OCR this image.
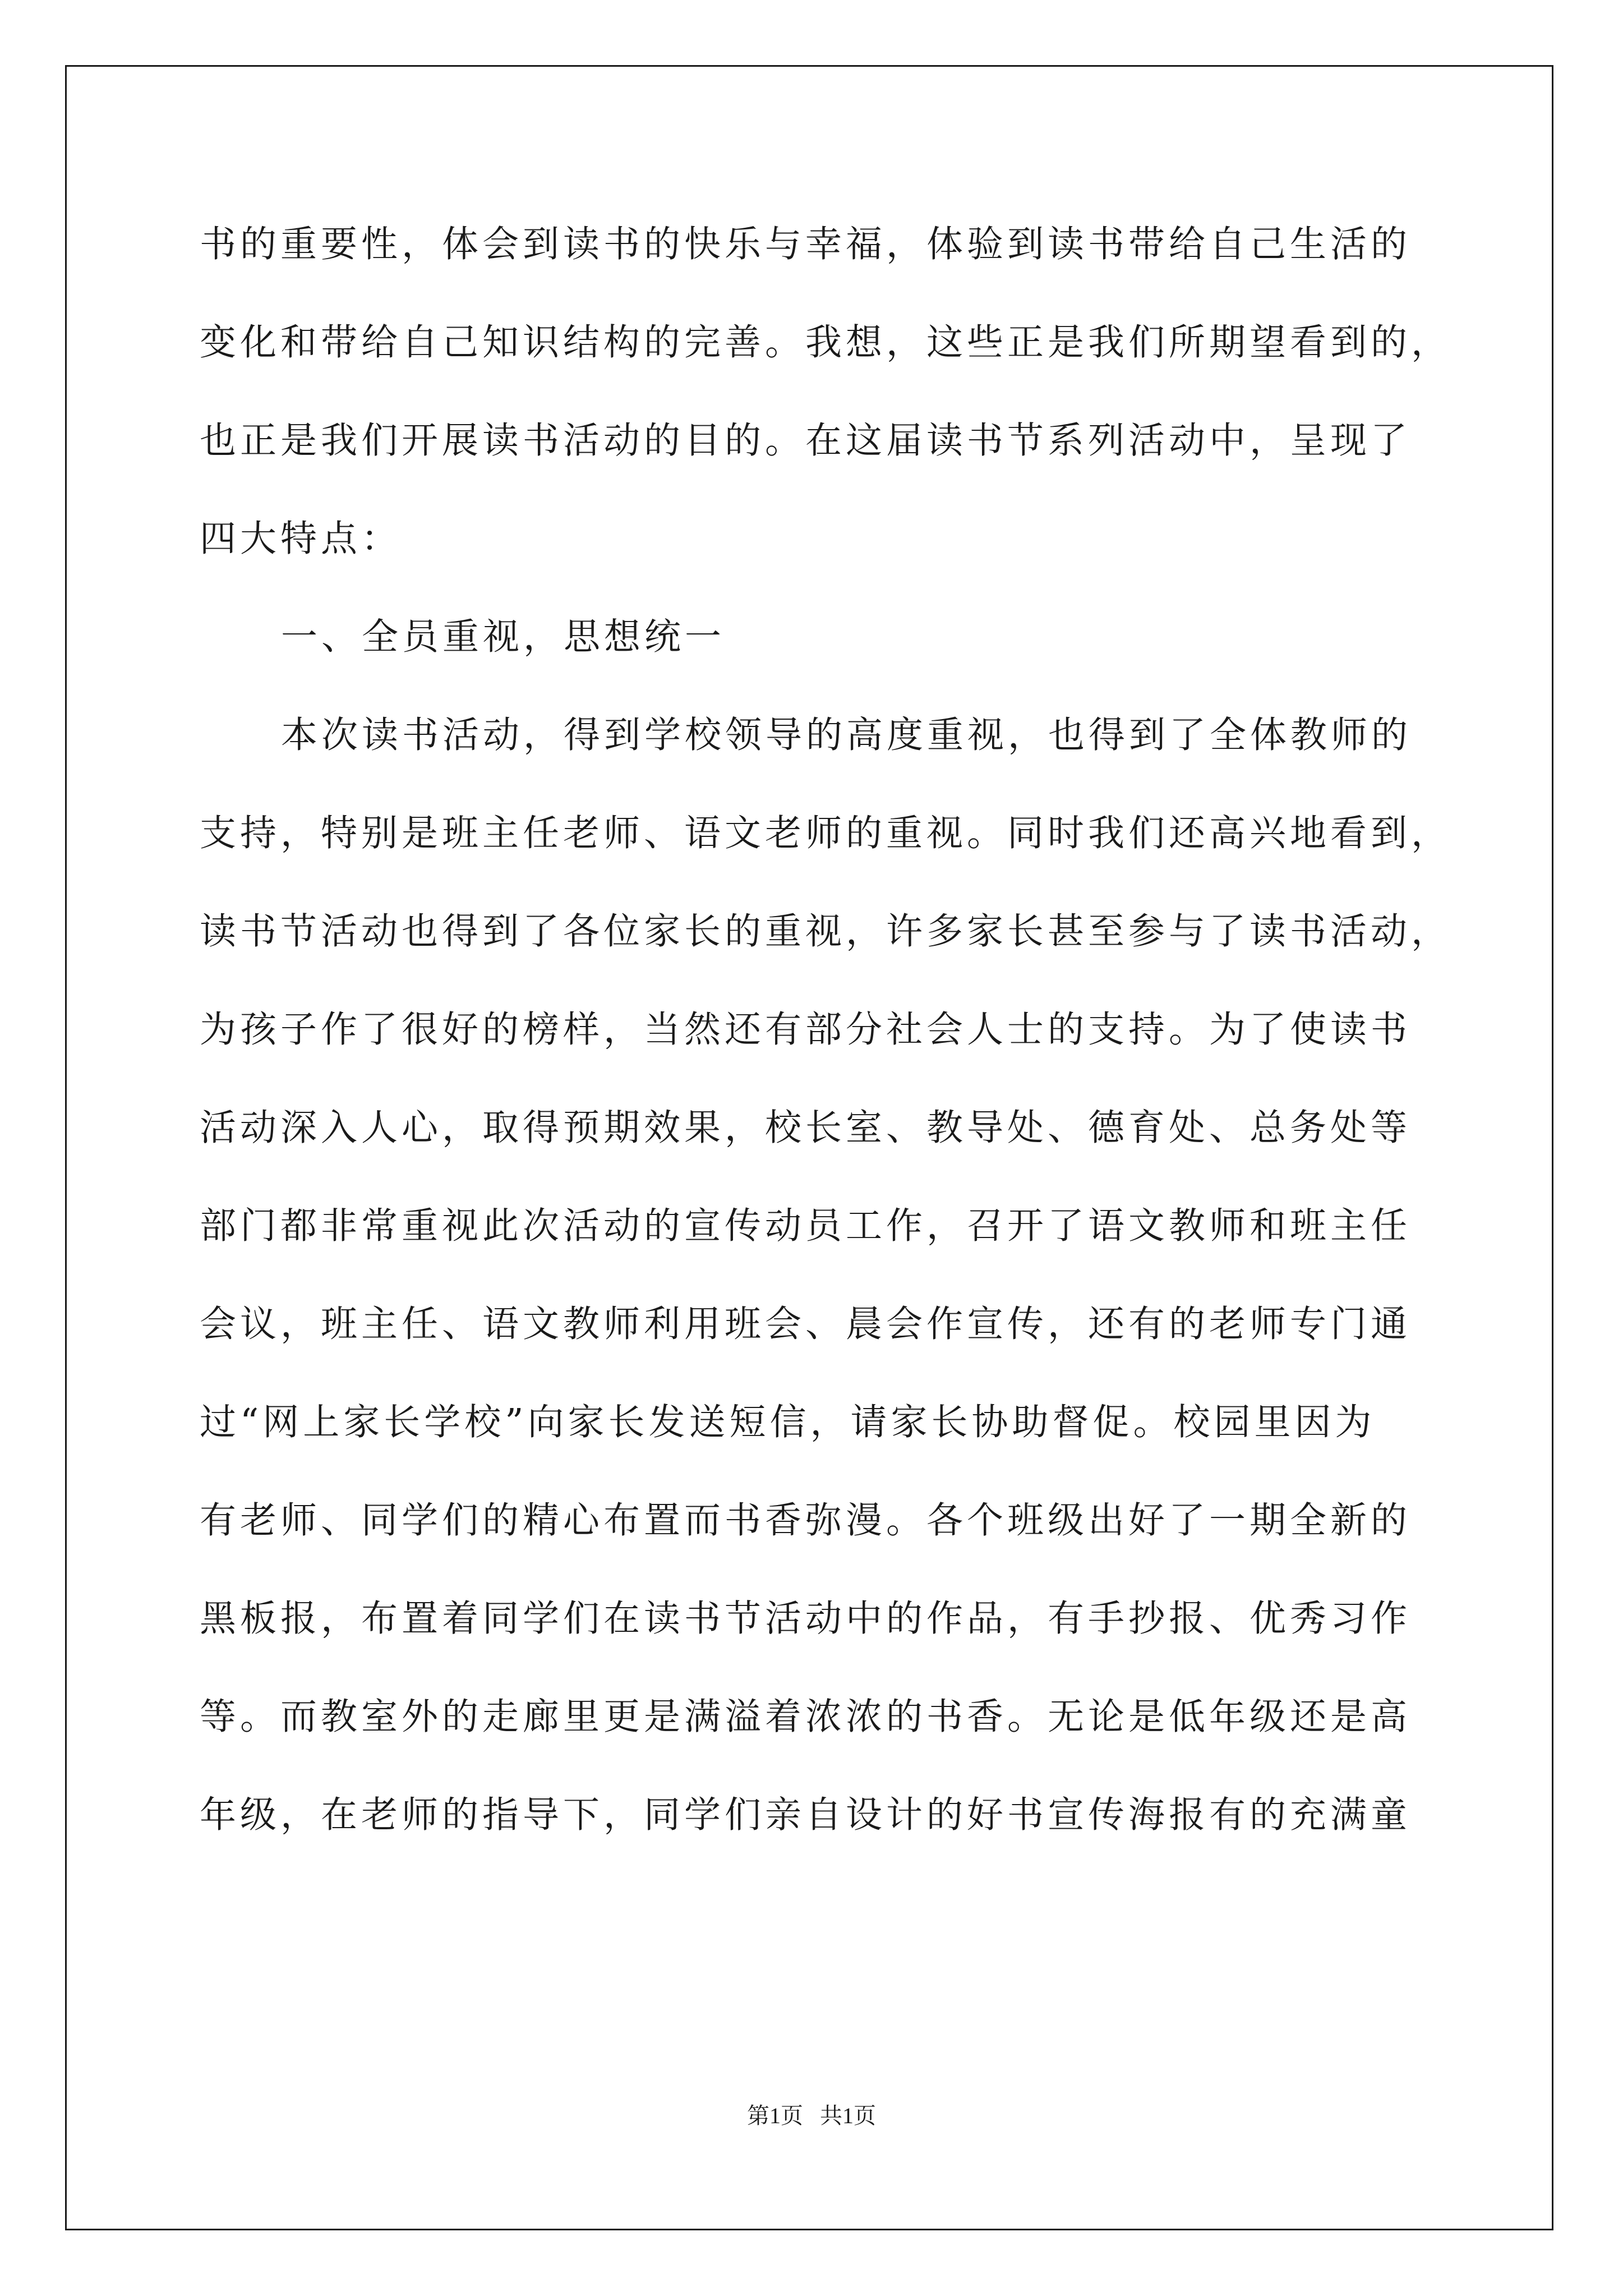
书的重要性，体会到读书的快乐与幸福，体验到读书带给自己生活的

变化和带给自己知识结构的完善。我想，这些正是我们所期望看到的，

也正是我们开展读书活动的目的。在这届读书节系列活动中，呈现了

四大特点：

一、全员重视，思想统一

本次读书活动，得到学校领导的高度重视，也得到了全体教师的

支持，特别是班主任老师、语文老师的重视。同时我们还高兴地看到，

读书节活动也得到了各位家长的重视，许多家长甚至参与了读书活动，

为孩子作了很好的榜样，当然还有部分社会人士的支持。为了使读书

活动深入人心，取得预期效果，校长室、教导处、德育处、总务处等

部门都非常重视此次活动的宣传动员工作，召开了语文教师和班主任

会议，班主任、语文教师利用班会、晨会作宣传，还有的老师专门通

过“网上家长学校”向家长发送短信，请家长协助督促。校园里因为

有老师、同学们的精心布置而书香弥漫。各个班级出好了一期全新的

黑板报，布置着同学们在读书节活动中的作品，有手抄报、优秀习作

等。而教室外的走廊里更是满溢着浓浓的书香。无论是低年级还是高

年级，在老师的指导下，同学们亲自设计的好书宣传海报有的充满童

第1页   共1页
